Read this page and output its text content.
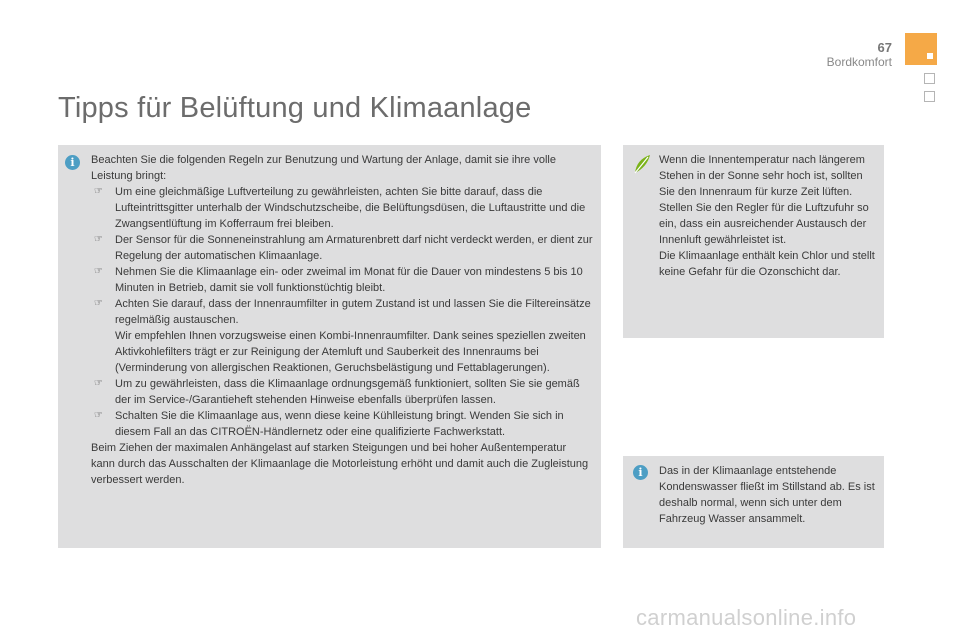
67
Bordkomfort
Tipps für Belüftung und Klimaanlage
i	Beachten Sie die folgenden Regeln zur Benutzung und Wartung der Anlage, damit sie ihre volle Leistung bringt:

☞	Um eine gleichmäßige Luftverteilung zu gewährleisten, achten Sie bitte darauf, dass die Lufteintrittsgitter unterhalb der Windschutzscheibe, die Belüftungsdüsen, die Luftaustritte und die Zwangsentlüftung im Kofferraum frei bleiben.
☞	Der Sensor für die Sonneneinstrahlung am Armaturenbrett darf nicht verdeckt werden, er dient zur Regelung der automatischen Klimaanlage.
☞	Nehmen Sie die Klimaanlage ein- oder zweimal im Monat für die Dauer von mindestens 5 bis 10 Minuten in Betrieb, damit sie voll funktionstüchtig bleibt.
☞	Achten Sie darauf, dass der Innenraumfilter in gutem Zustand ist und lassen Sie die Filtereinsätze regelmäßig austauschen.
Wir empfehlen Ihnen vorzugsweise einen Kombi-Innenraumfilter. Dank seines speziellen zweiten Aktivkohlefilters trägt er zur Reinigung der Atemluft und Sauberkeit des Innenraums bei (Verminderung von allergischen Reaktionen, Geruchsbelästigung und Fettablagerungen).
☞	Um zu gewährleisten, dass die Klimaanlage ordnungsgemäß funktioniert, sollten Sie sie gemäß der im Service-/Garantieheft stehenden Hinweise ebenfalls überprüfen lassen.
☞	Schalten Sie die Klimaanlage aus, wenn diese keine Kühlleistung bringt. Wenden Sie sich in diesem Fall an das CITROËN-Händlernetz oder eine qualifizierte Fachwerkstatt.

Beim Ziehen der maximalen Anhängelast auf starken Steigungen und bei hoher Außentemperatur kann durch das Ausschalten der Klimaanlage die Motorleistung erhöht und damit auch die Zugleistung verbessert werden.

Wenn die Innentemperatur nach längerem Stehen in der Sonne sehr hoch ist, sollten Sie den Innenraum für kurze Zeit lüften.

Stellen Sie den Regler für die Luftzufuhr so ein, dass ein ausreichender Austausch der Innenluft gewährleistet ist.

Die Klimaanlage enthält kein Chlor und stellt keine Gefahr für die Ozonschicht dar.

i	Das in der Klimaanlage entstehende Kondenswasser fließt im Stillstand ab. Es ist deshalb normal, wenn sich unter dem Fahrzeug Wasser ansammelt.

carmanualsonline.info
